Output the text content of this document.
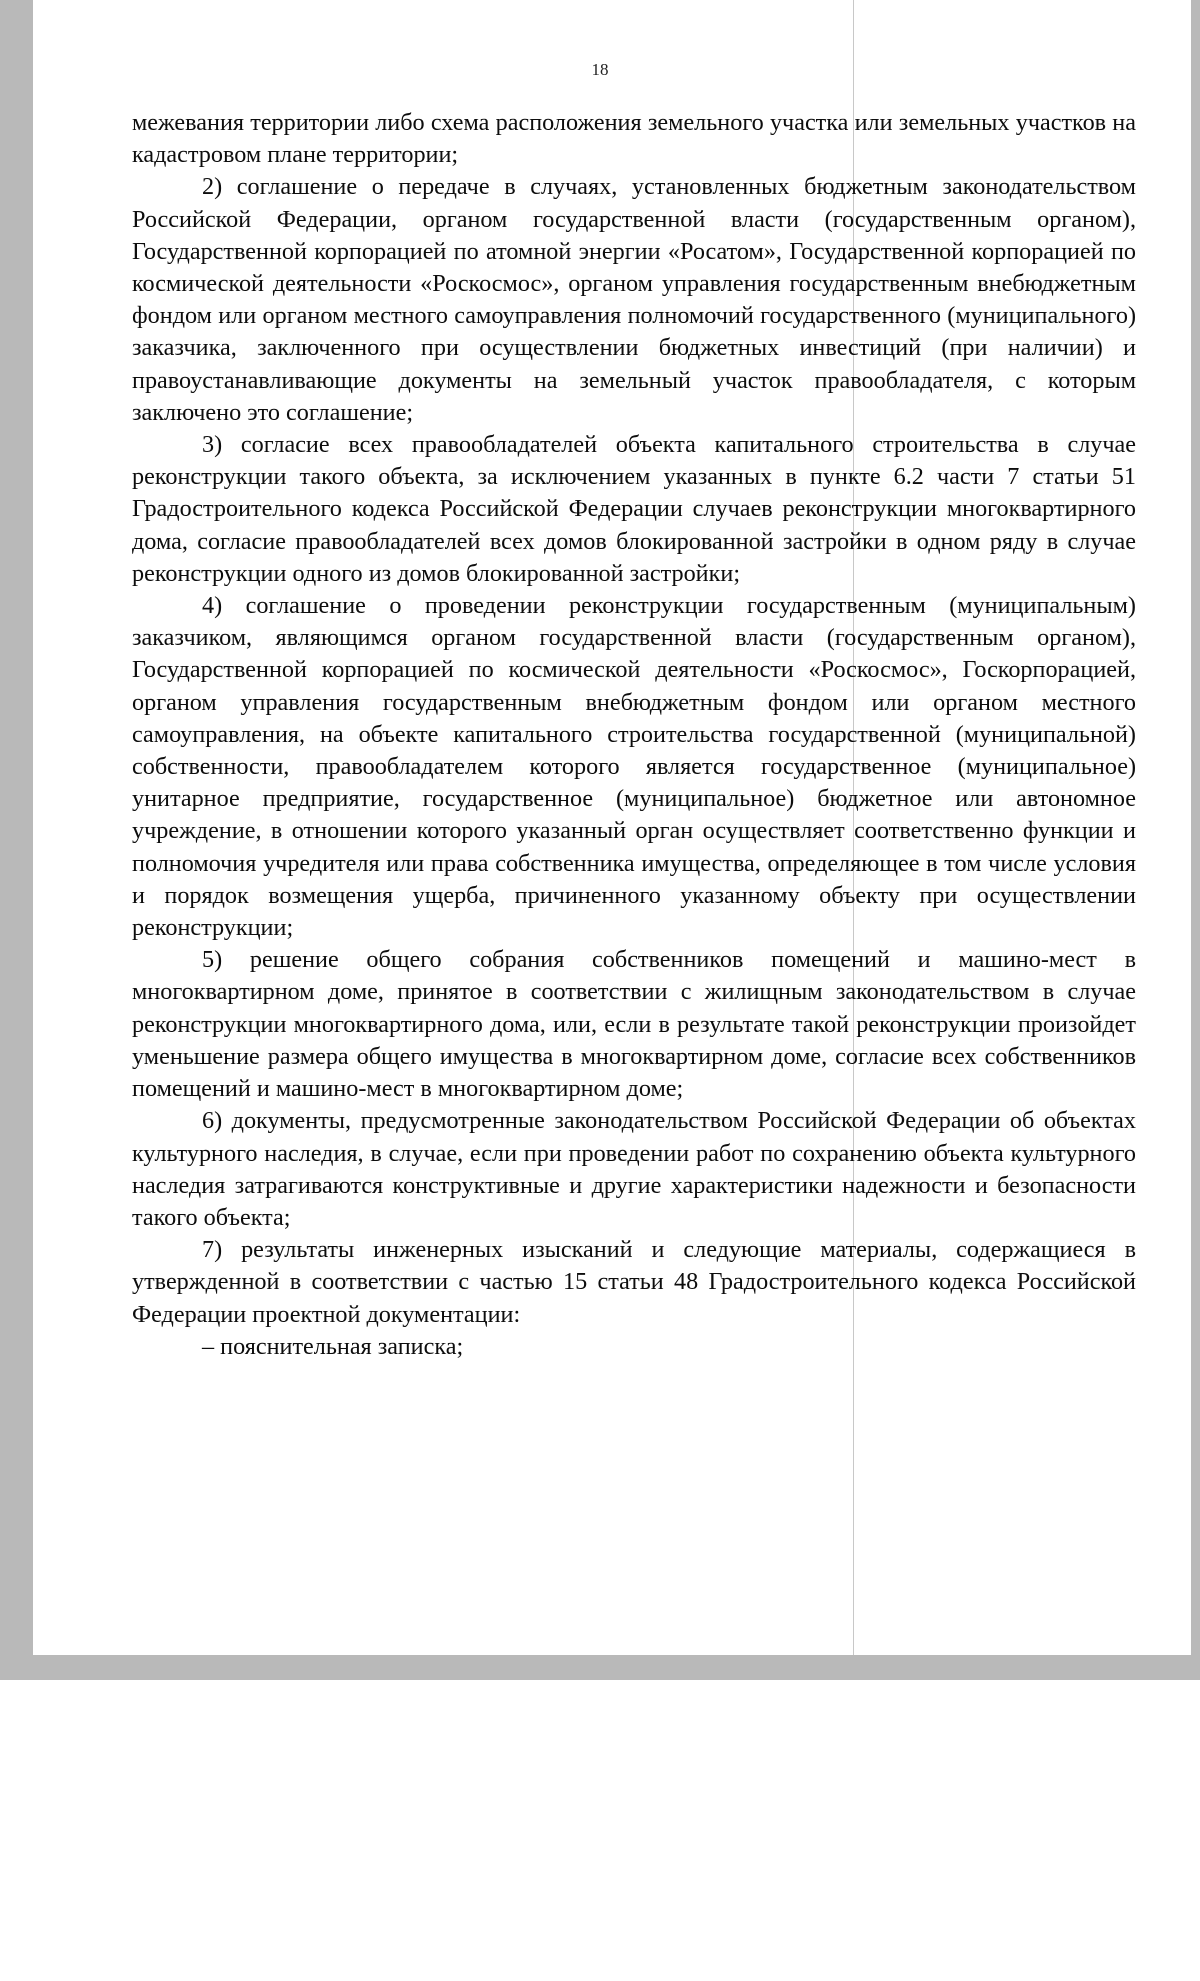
18

межевания территории либо схема расположения земельного участка или земельных участков на кадастровом плане территории;

2) соглашение о передаче в случаях, установленных бюджетным законодательством Российской Федерации, органом государственной власти (государственным органом), Государственной корпорацией по атомной энергии «Росатом», Государственной корпорацией по космической деятельности «Роскосмос», органом управления государственным внебюджетным фондом или органом местного самоуправления полномочий государственного (муниципального) заказчика, заключенного при осуществлении бюджетных инвестиций (при наличии) и правоустанавливающие документы на земельный участок правообладателя, с которым заключено это соглашение;

3) согласие всех правообладателей объекта капитального строительства в случае реконструкции такого объекта, за исключением указанных в пункте 6.2 части 7 статьи 51 Градостроительного кодекса Российской Федерации случаев реконструкции многоквартирного дома, согласие правообладателей всех домов блокированной застройки в одном ряду в случае реконструкции одного из домов блокированной застройки;

4) соглашение о проведении реконструкции государственным (муниципальным) заказчиком, являющимся органом государственной власти (государственным органом), Государственной корпорацией по космической деятельности «Роскосмос», Госкорпорацией, органом управления государственным внебюджетным фондом или органом местного самоуправления, на объекте капитального строительства государственной (муниципальной) собственности, правообладателем которого является государственное (муниципальное) унитарное предприятие, государственное (муниципальное) бюджетное или автономное учреждение, в отношении которого указанный орган осуществляет соответственно функции и полномочия учредителя или права собственника имущества, определяющее в том числе условия и порядок возмещения ущерба, причиненного указанному объекту при осуществлении реконструкции;

5) решение общего собрания собственников помещений и машино-мест в многоквартирном доме, принятое в соответствии с жилищным законодательством в случае реконструкции многоквартирного дома, или, если в результате такой реконструкции произойдет уменьшение размера общего имущества в многоквартирном доме, согласие всех собственников помещений и машино-мест в многоквартирном доме;

6) документы, предусмотренные законодательством Российской Федерации об объектах культурного наследия, в случае, если при проведении работ по сохранению объекта культурного наследия затрагиваются конструктивные и другие характеристики надежности и безопасности такого объекта;

7) результаты инженерных изысканий и следующие материалы, содержащиеся в утвержденной в соответствии с частью 15 статьи 48 Градостроительного кодекса Российской Федерации проектной документации:

– пояснительная записка;
